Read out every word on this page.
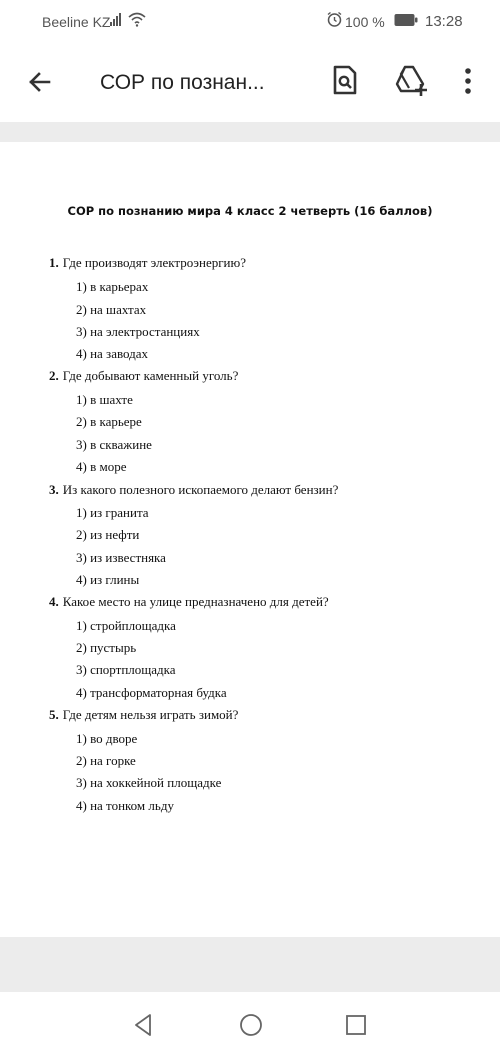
Beeline KZ	100 %	13:28
СОР по познан...
СОР по познанию мира 4 класс 2 четверть (16 баллов)
1. Где производят электроэнергию?
1) в карьерах
2) на шахтах
3) на электростанциях
4) на заводах
2. Где добывают каменный уголь?
1) в шахте
2) в карьере
3) в скважине
4) в море
3. Из какого полезного ископаемого делают бензин?
1) из гранита
2) из нефти
3) из известняка
4) из глины
4. Какое место на улице предназначено для детей?
1) стройплощадка
2) пустырь
3) спортплощадка
4) трансформаторная будка
5. Где детям нельзя играть зимой?
1) во дворе
2) на горке
3) на хоккейной площадке
4) на тонком льду
